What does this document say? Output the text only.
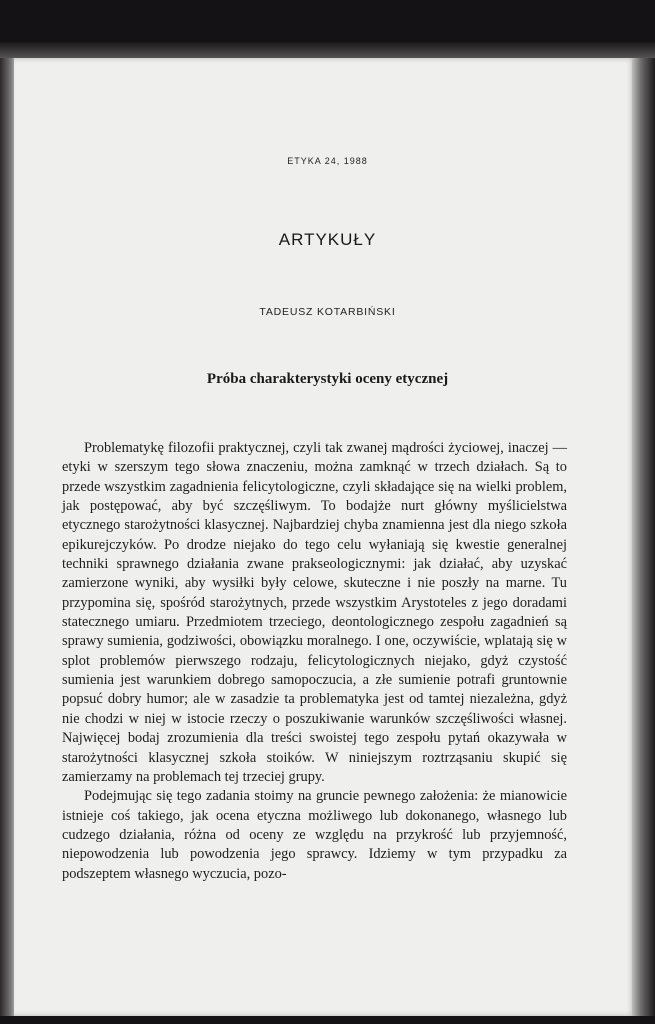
ETYKA 24, 1988
ARTYKUŁY
TADEUSZ KOTARBIŃSKI
Próba charakterystyki oceny etycznej

Problematykę filozofii praktycznej, czyli tak zwanej mądrości życiowej, inaczej — etyki w szerszym tego słowa znaczeniu, można zamknąć w trzech działach. Są to przede wszystkim zagadnienia felicytologiczne, czyli składające się na wielki problem, jak postępować, aby być szczęśliwym. To bodajże nurt główny myślicielstwa etycznego starożytności klasycznej. Najbardziej chyba znamienna jest dla niego szkoła epikurejczyków. Po drodze niejako do tego celu wyłaniają się kwestie generalnej techniki sprawnego działania zwane prakseologicznymi: jak działać, aby uzyskać zamierzone wyniki, aby wysiłki były celowe, skuteczne i nie poszły na marne. Tu przypomina się, spośród starożytnych, przede wszystkim Arystoteles z jego doradami statecznego umiaru. Przedmiotem trzeciego, deontologicznego zespołu zagadnień są sprawy sumienia, godziwości, obowiązku moralnego. I one, oczywiście, wplatają się w splot problemów pierwszego rodzaju, felicytologicznych niejako, gdyż czystość sumienia jest warunkiem dobrego samopoczucia, a złe sumienie potrafi gruntownie popsuć dobry humor; ale w zasadzie ta problematyka jest od tamtej niezależna, gdyż nie chodzi w niej w istocie rzeczy o poszukiwanie warunków szczęśliwości własnej. Najwięcej bodaj zrozumienia dla treści swoistej tego zespołu pytań okazywała w starożytności klasycznej szkoła stoików. W niniejszym roztrząsaniu skupić się zamierzamy na problemach tej trzeciej grupy.

Podejmując się tego zadania stoimy na gruncie pewnego założenia: że mianowicie istnieje coś takiego, jak ocena etyczna możliwego lub dokonanego, własnego lub cudzego działania, różna od oceny ze względu na przykrość lub przyjemność, niepowodzenia lub powodzenia jego sprawcy. Idziemy w tym przypadku za podszeptem własnego wyczucia, pozo-
